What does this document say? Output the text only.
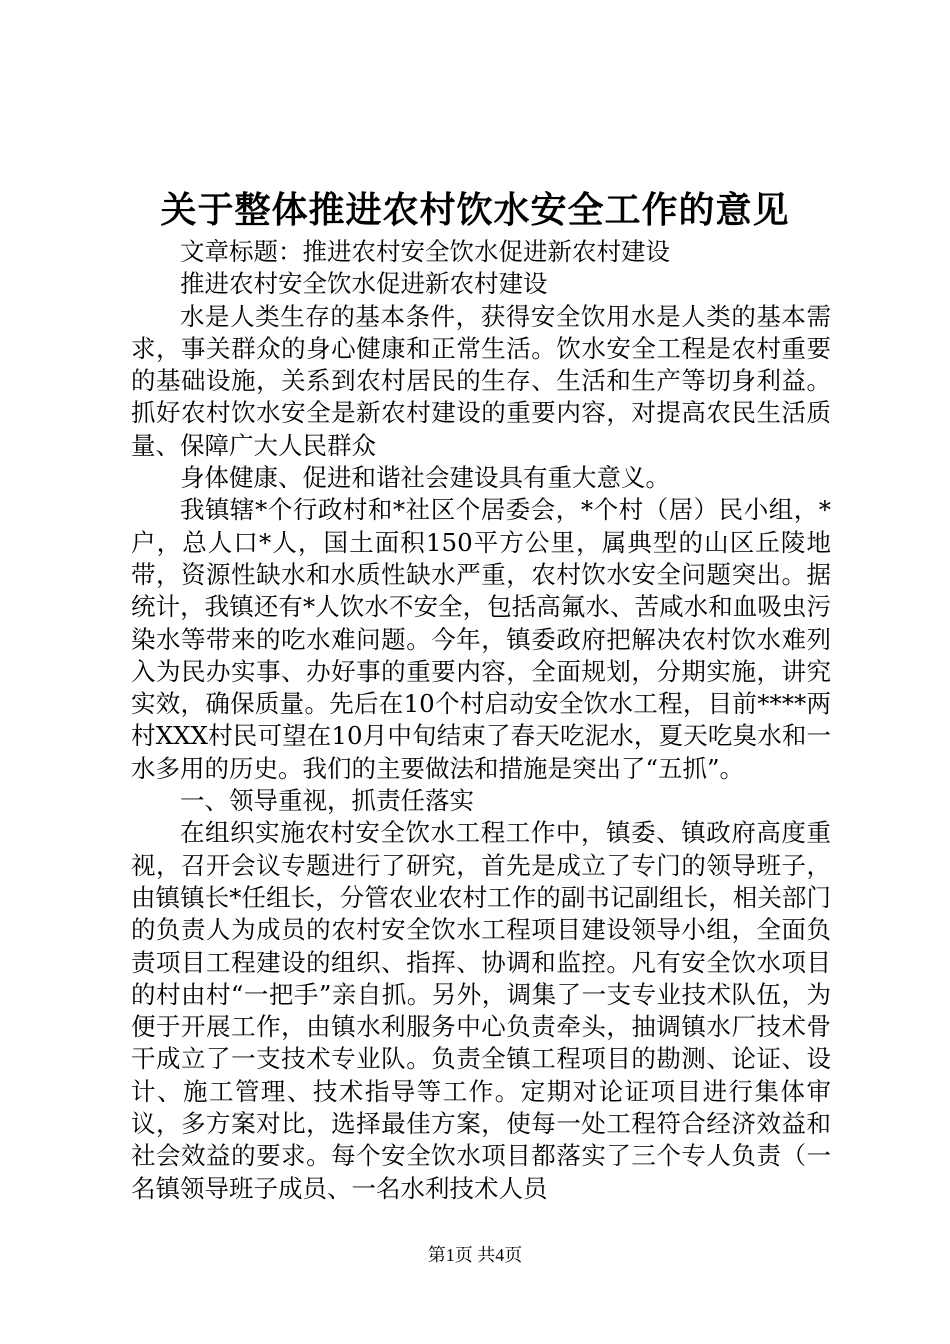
关于整体推进农村饮水安全工作的意见

文章标题：推进农村安全饮水促进新农村建设

推进农村安全饮水促进新农村建设

水是人类生存的基本条件，获得安全饮用水是人类的基本需求，事关群众的身心健康和正常生活。饮水安全工程是农村重要的基础设施，关系到农村居民的生存、生活和生产等切身利益。抓好农村饮水安全是新农村建设的重要内容，对提高农民生活质量、保障广大人民群众

身体健康、促进和谐社会建设具有重大意义。

我镇辖*个行政村和*社区个居委会，*个村（居）民小组，*户，总人口*人，国土面积150平方公里，属典型的山区丘陵地带，资源性缺水和水质性缺水严重，农村饮水安全问题突出。据统计，我镇还有*人饮水不安全，包括高氟水、苦咸水和血吸虫污染水等带来的吃水难问题。今年，镇委政府把解决农村饮水难列入为民办实事、办好事的重要内容，全面规划，分期实施，讲究实效，确保质量。先后在10个村启动安全饮水工程，目前****两村XXX村民可望在10月中旬结束了春天吃泥水，夏天吃臭水和一水多用的历史。我们的主要做法和措施是突出了“五抓”。

一、领导重视，抓责任落实

在组织实施农村安全饮水工程工作中，镇委、镇政府高度重视，召开会议专题进行了研究，首先是成立了专门的领导班子，由镇镇长*任组长，分管农业农村工作的副书记副组长，相关部门的负责人为成员的农村安全饮水工程项目建设领导小组，全面负责项目工程建设的组织、指挥、协调和监控。凡有安全饮水项目的村由村“一把手”亲自抓。另外，调集了一支专业技术队伍，为便于开展工作，由镇水利服务中心负责牵头，抽调镇水厂技术骨干成立了一支技术专业队。负责全镇工程项目的勘测、论证、设计、施工管理、技术指导等工作。定期对论证项目进行集体审议，多方案对比，选择最佳方案，使每一处工程符合经济效益和社会效益的要求。每个安全饮水项目都落实了三个专人负责（一名镇领导班子成员、一名水利技术人员

第1页 共4页
